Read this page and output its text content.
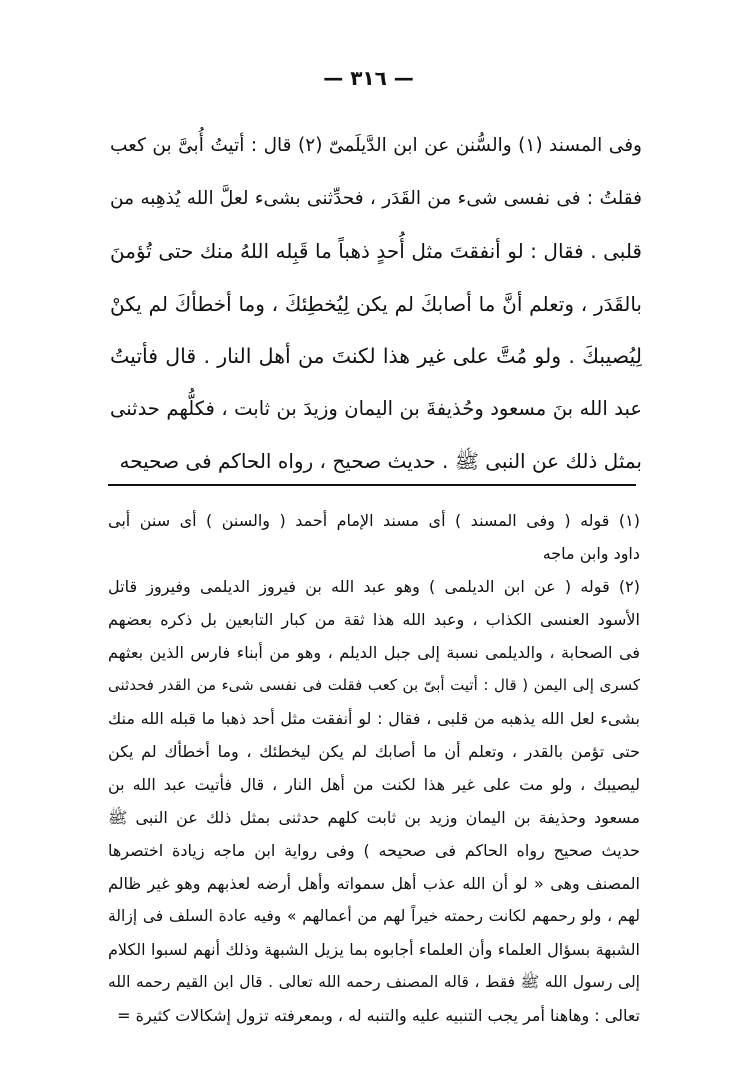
— ٣١٦ —
وفى المسند (١) والسُّنن عن ابن الدَّيلَمىّ (٢) قال : أتيتُ أُبىَّ بن كعب
فقلتُ : فى نفسى شىء من القَدَر ، فحدِّثنى بشىء لعلَّ الله يُذهِبه من
قلبى . فقال : لو أنفقتَ مثل أُحدٍ ذهباً ما قَبِله اللهُ منك حتى تُؤمنَ
بالقَدَر ، وتعلم أنَّ ما أصابكَ لم يكن لِيُخطِئكَ ، وما أخطأكَ لم يكنْ
لِيُصيبكَ . ولو مُتَّ على غير هذا لكنتَ من أهل النار . قال فأتيتُ
عبد الله بنَ مسعود وحُذيفةَ بن اليمان وزيدَ بن ثابت ، فكلُّهم حدثنى
بمثل ذلك عن النبى ﷺ . حديث صحيح ، رواه الحاكم فى صحيحه
(١) قوله ( وفى المسند ) أى مسند الإمام أحمد ( والسنن ) أى سنن أبى
داود وابن ماجه
(٢) قوله ( عن ابن الديلمى ) وهو عبد الله بن فيروز الديلمى وفيروز قاتل
الأسود العنسى الكذاب ، وعبد الله هذا ثقة من كبار التابعين بل ذكره بعضهم
فى الصحابة ، والديلمى نسبة إلى جبل الديلم ، وهو من أبناء فارس الذين بعثهم
كسرى إلى اليمن ( قال : أتيت أبىّ بن كعب فقلت فى نفسى شىء من القدر فحدثنى
بشىء لعل الله يذهبه من قلبى ، فقال : لو أنفقت مثل أحد ذهبا ما قبله الله منك
حتى تؤمن بالقدر ، وتعلم أن ما أصابك لم يكن ليخطئك ، وما أخطأك لم يكن
ليصيبك ، ولو مت على غير هذا لكنت من أهل النار ، قال فأتيت عبد الله بن
مسعود وحذيفة بن اليمان وزيد بن ثابت كلهم حدثنى بمثل ذلك عن النبى ﷺ
حديث صحيح رواه الحاكم فى صحيحه ) وفى رواية ابن ماجه زيادة اختصرها
المصنف وهى « لو أن الله عذب أهل سمواته وأهل أرضه لعذبهم وهو غير ظالم
لهم ، ولو رحمهم لكانت رحمته خيراً لهم من أعمالهم » وفيه عادة السلف فى إزالة
الشبهة بسؤال العلماء وأن العلماء أجابوه بما يزيل الشبهة وذلك أنهم لسبوا الكلام
إلى رسول الله ﷺ فقط ، قاله المصنف رحمه الله تعالى . قال ابن القيم رحمه الله
تعالى : وهاهنا أمر يجب التنبيه عليه والتنبه له ، وبمعرفته تزول إشكالات كثيرة =
